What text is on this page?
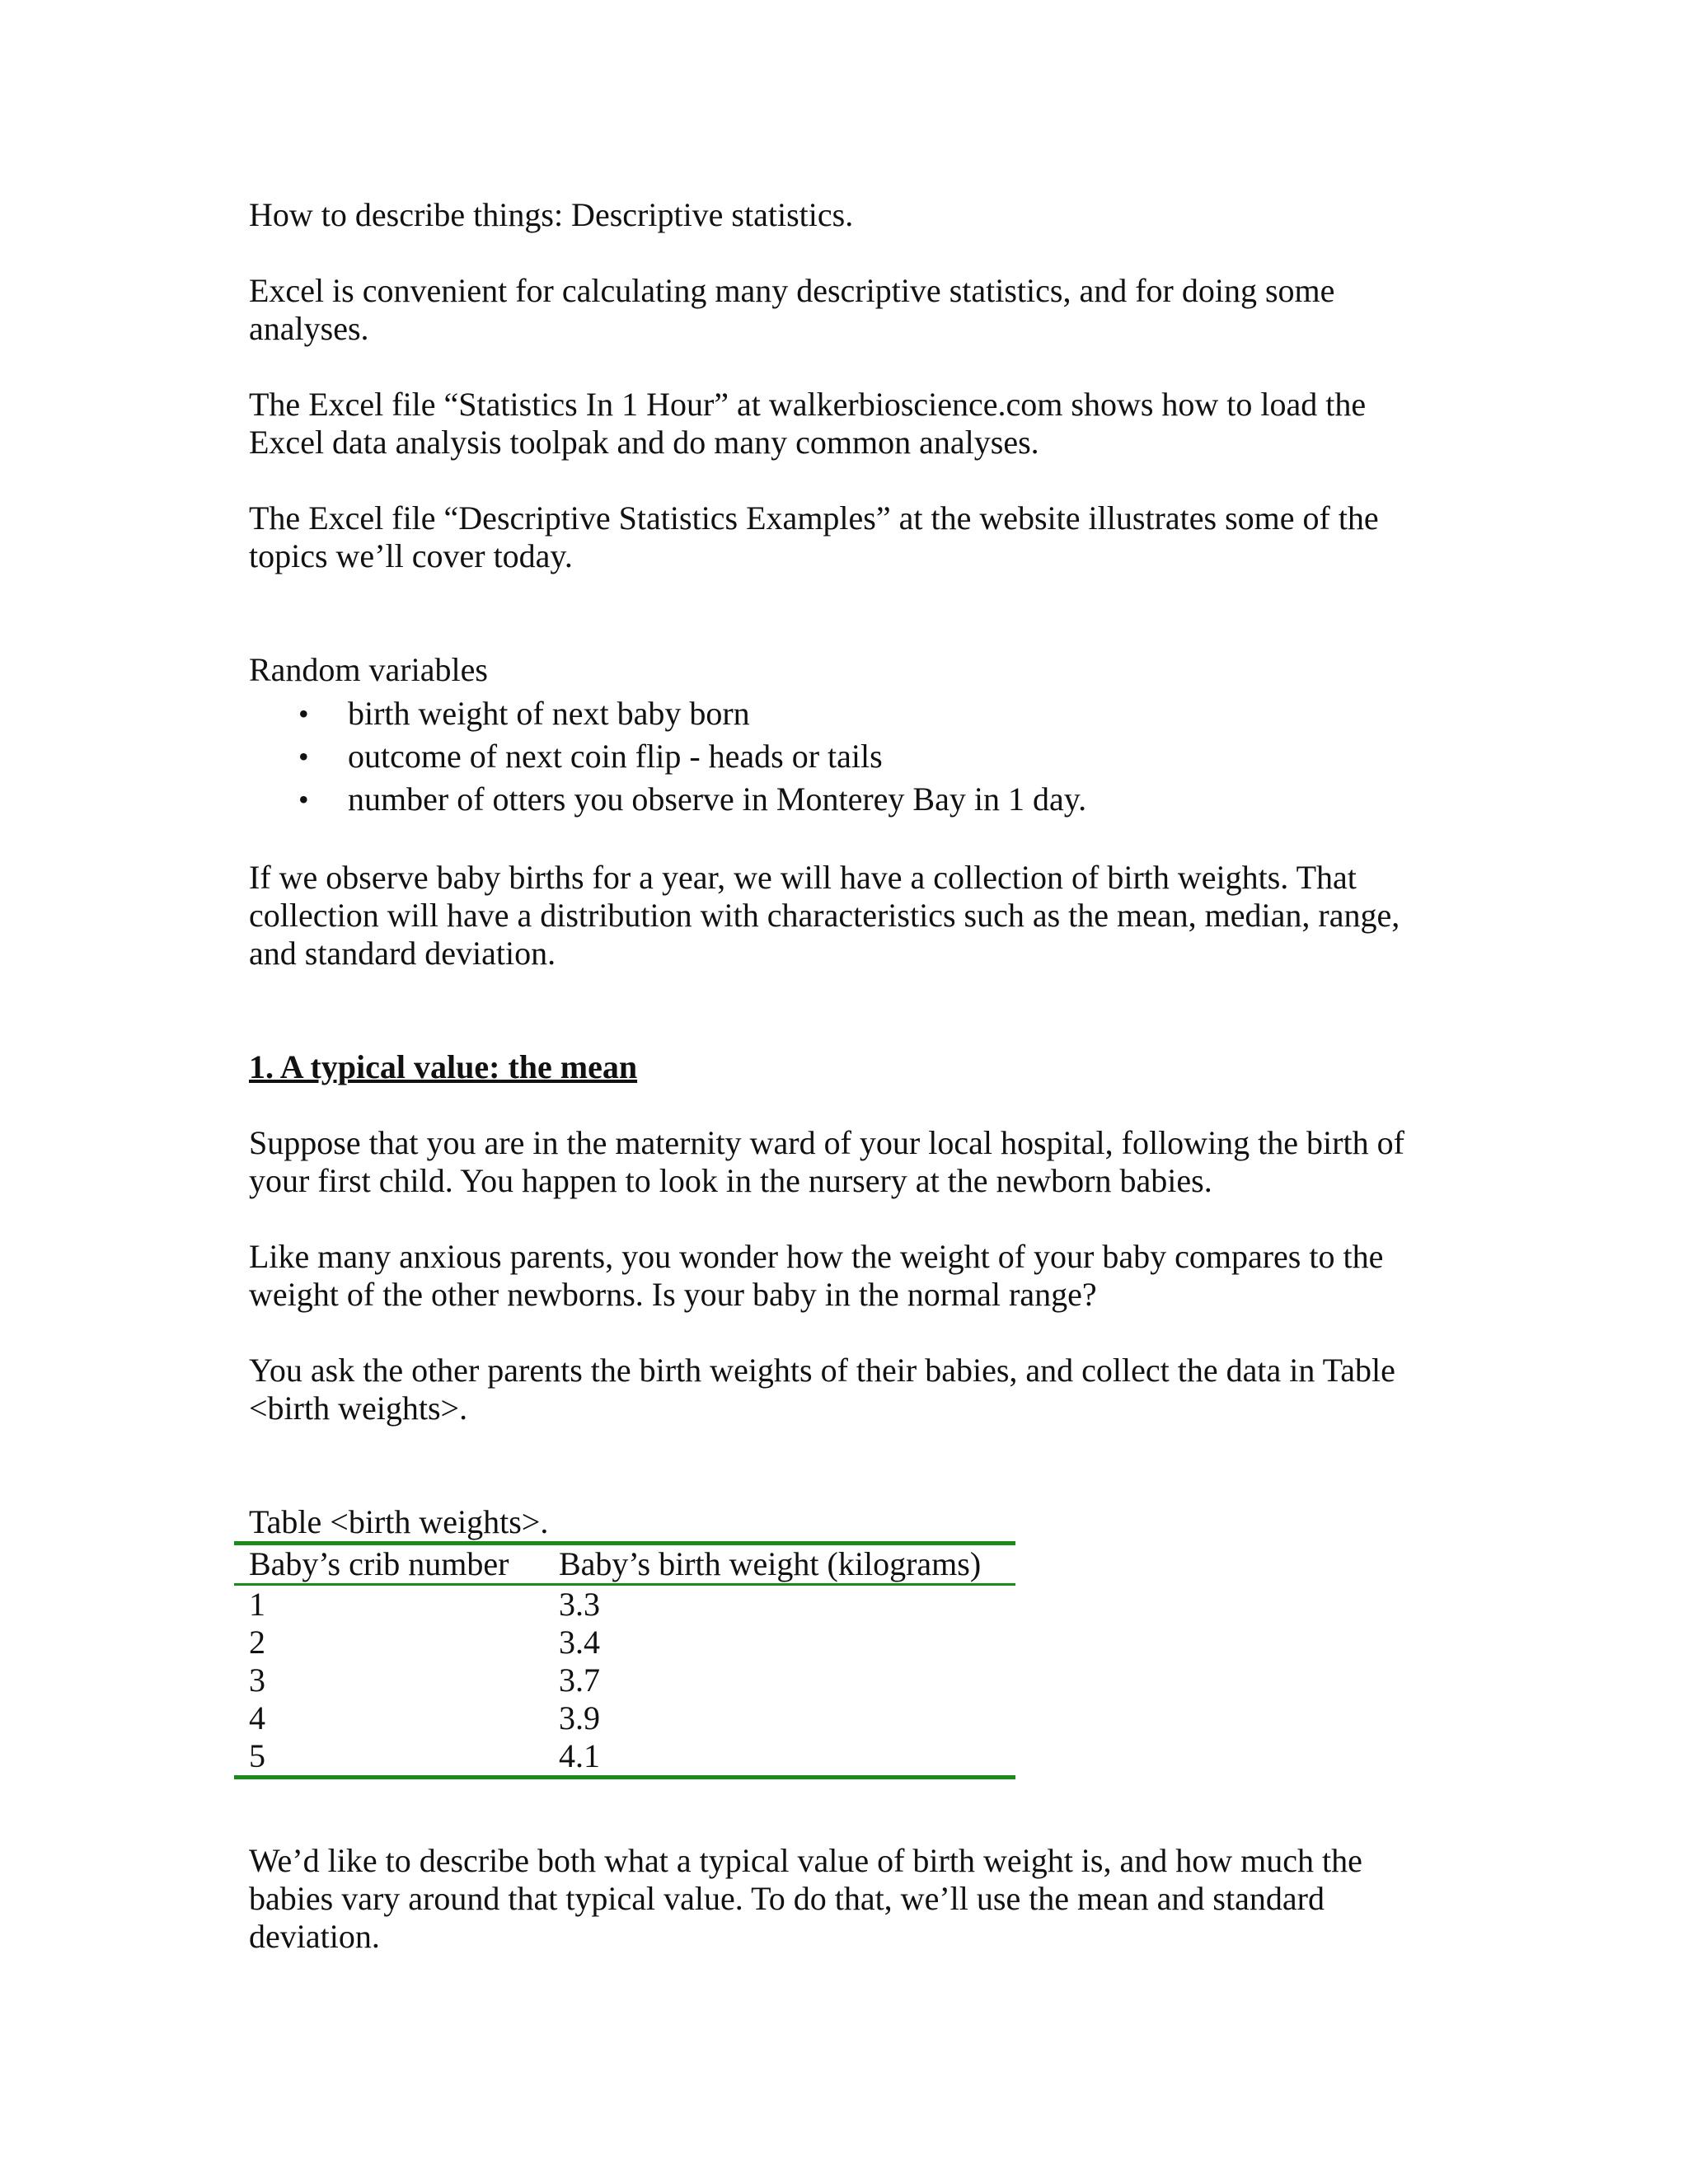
How to describe things: Descriptive statistics.

Excel is convenient for calculating many descriptive statistics, and for doing some analyses.

The Excel file “Statistics In 1 Hour” at walkerbioscience.com shows how to load the Excel data analysis toolpak and do many common analyses.

The Excel file “Descriptive Statistics Examples” at the website illustrates some of the topics we’ll cover today.

Random variables

• birth weight of next baby born
• outcome of next coin flip - heads or tails
• number of otters you observe in Monterey Bay in 1 day.

If we observe baby births for a year, we will have a collection of birth weights. That collection will have a distribution with characteristics such as the mean, median, range, and standard deviation.

1. A typical value: the mean

Suppose that you are in the maternity ward of your local hospital, following the birth of your first child. You happen to look in the nursery at the newborn babies.

Like many anxious parents, you wonder how the weight of your baby compares to the weight of the other newborns. Is your baby in the normal range?

You ask the other parents the birth weights of their babies, and collect the data in Table <birth weights>.

Table <birth weights>.

Baby’s crib number	Baby’s birth weight (kilograms)
1	3.3
2	3.4
3	3.7
4	3.9
5	4.1

We’d like to describe both what a typical value of birth weight is, and how much the babies vary around that typical value. To do that, we’ll use the mean and standard deviation.
